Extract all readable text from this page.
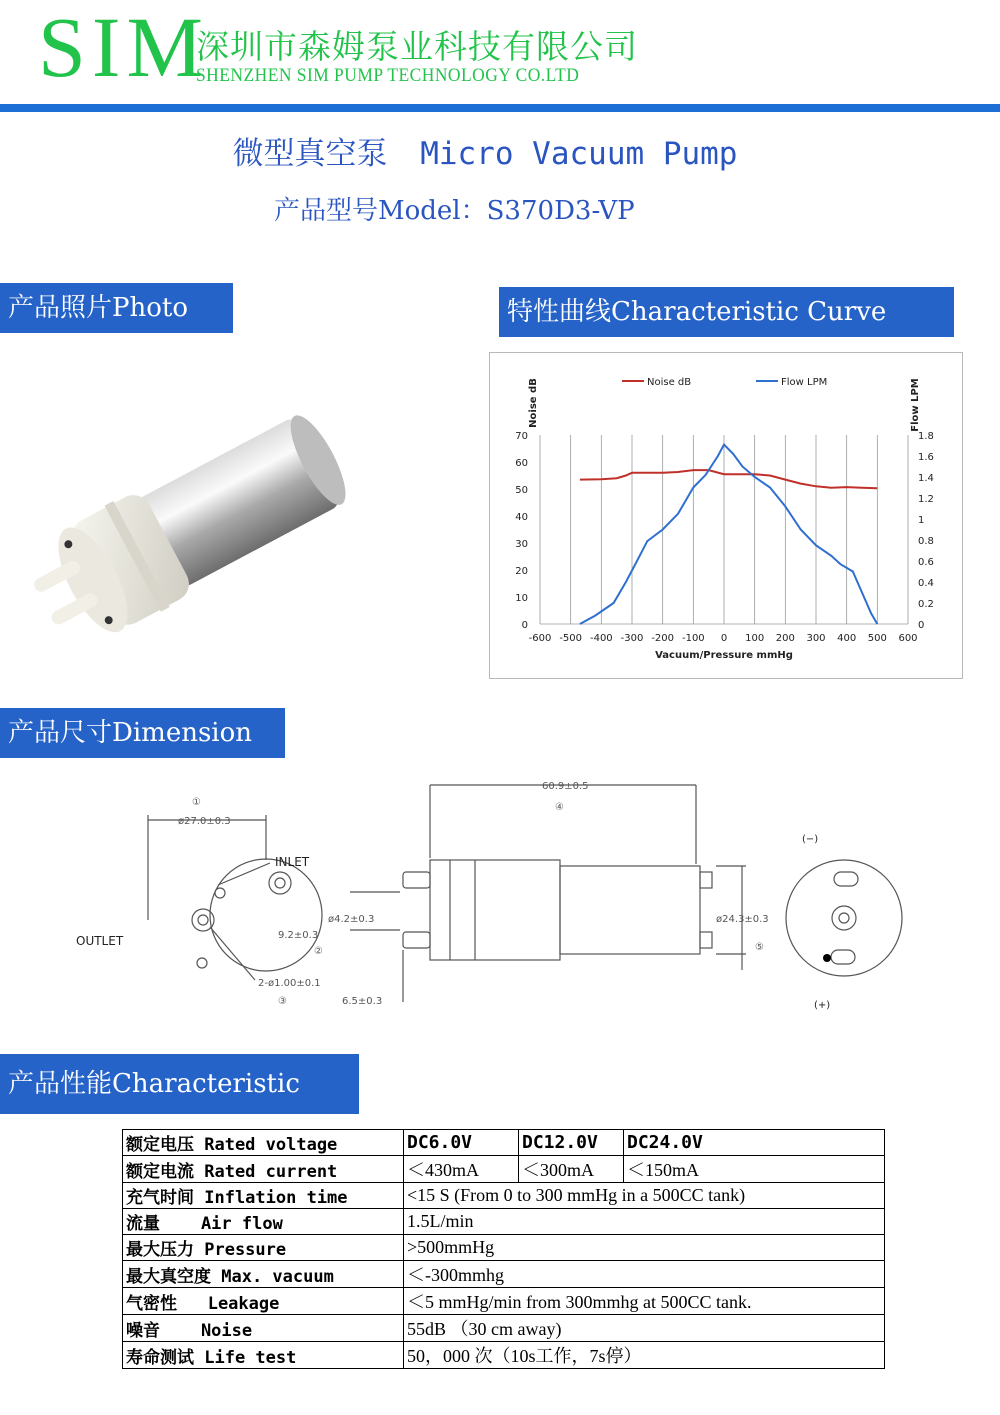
SIM
深圳市森姆泵业科技有限公司
SHENZHEN SIM PUMP TECHNOLOGY CO.LTD
微型真空泵 Micro Vacuum Pump
产品型号Model：S370D3-VP
产品照片Photo	特性曲线Characteristic Curve
-600 -500 -400 -300 -200 -100 0 100 200 300 400 500 600
0
10
20
30
40
50
60
70
0
0.2
0.4
0.6
0.8
1
1.2
1.4
1.6
1.8
Vacuum/Pressure mmHg
Noise dB	Flow LPM
Noise dB	Flow LPM
产品尺寸Dimension
①
ø27.0±0.3
INLET
OUTLET	9.2±0.3
②
2-ø1.00±0.1
③
60.9±0.5
④
ø4.2±0.3
6.5±0.3
ø24.3±0.3
⑤
(−)
(+)
产品性能Characteristic
额定电压 Rated voltage	DC6.0V	DC12.0V	DC24.0V
额定电流 Rated current	＜430mA	＜300mA	＜150mA
充气时间 Inflation time	<15 S (From 0 to 300 mmHg in a 500CC tank)		
流量    Air flow	1.5L/min		
最大压力 Pressure	>500mmHg		
最大真空度 Max. vacuum	＜-300mmhg		
气密性   Leakage	＜5 mmHg/min from 300mmhg at 500CC tank.		
噪音    Noise	55dB （30 cm away)		
寿命测试 Life test	50，000 次（10s工作，7s停）		
